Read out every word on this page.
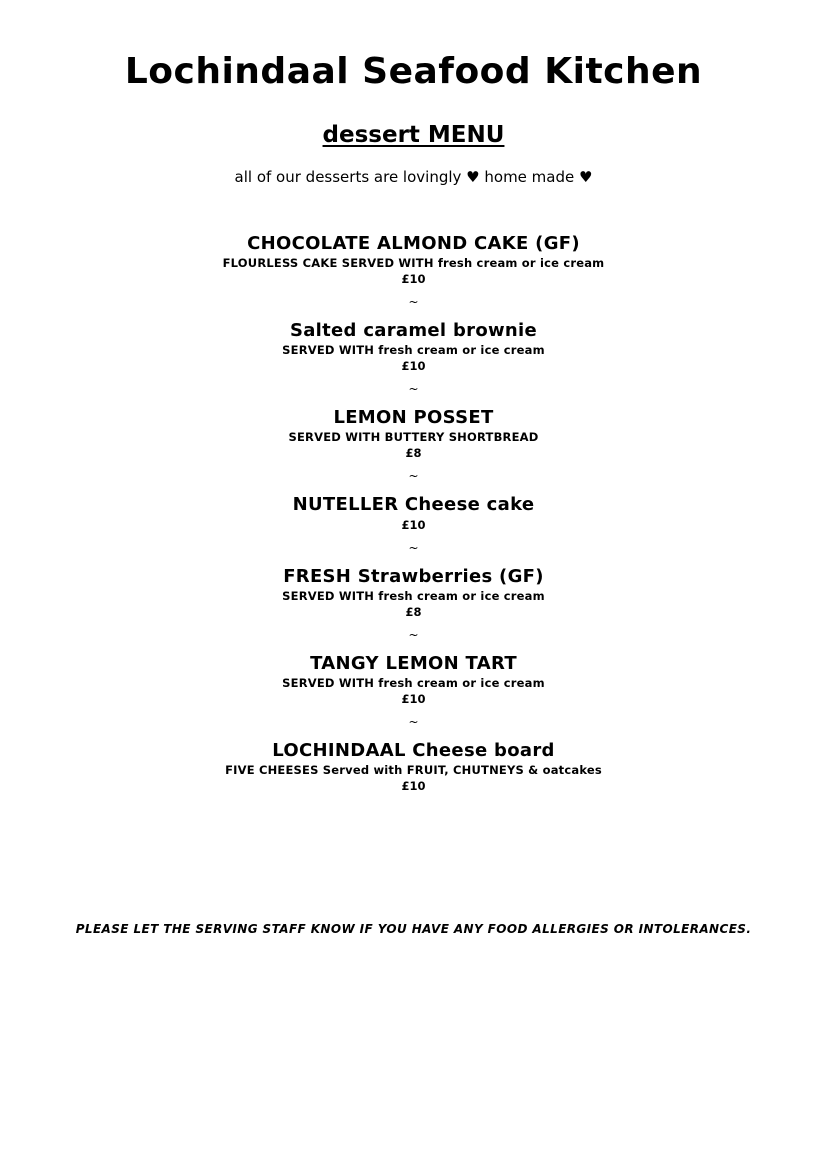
Lochindaal Seafood Kitchen
dessert MENU
all of our desserts are lovingly ♥ home made ♥
CHOCOLATE ALMOND CAKE (GF)
FLOURLESS CAKE SERVED WITH fresh cream or ice cream
£10
~
Salted caramel brownie
SERVED WITH fresh cream or ice cream
£10
~
LEMON POSSET
SERVED WITH BUTTERY SHORTBREAD
£8
~
NUTELLER Cheese cake
£10
~
FRESH Strawberries (GF)
SERVED WITH fresh cream or ice cream
£8
~
TANGY LEMON TART
SERVED WITH fresh cream or ice cream
£10
~
LOCHINDAAL Cheese board
FIVE CHEESES Served with FRUIT, CHUTNEYS & oatcakes
£10
PLEASE LET THE SERVING STAFF KNOW IF YOU HAVE ANY FOOD ALLERGIES OR INTOLERANCES.
